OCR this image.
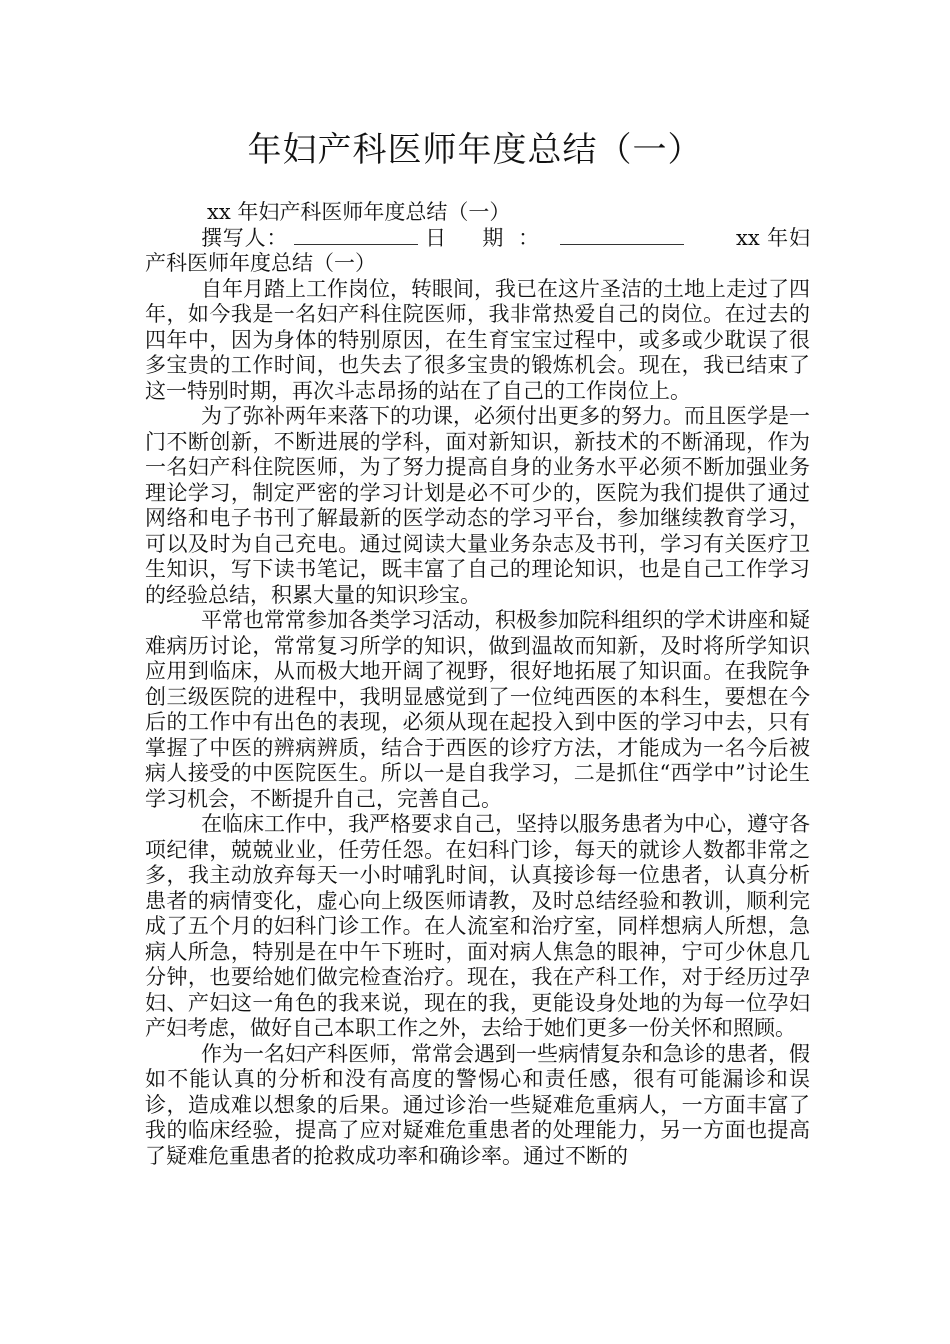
年妇产科医师年度总结（一）
xx 年妇产科医师年度总结（一）
撰写人：	日 期：	xx 年妇产科医师年度总结（一）

自年月踏上工作岗位，转眼间，我已在这片圣洁的土地上走过了四年，如今我是一名妇产科住院医师，我非常热爱自己的岗位。在过去的四年中，因为身体的特别原因，在生育宝宝过程中，或多或少耽误了很多宝贵的工作时间，也失去了很多宝贵的锻炼机会。现在，我已结束了这一特别时期，再次斗志昂扬的站在了自己的工作岗位上。

为了弥补两年来落下的功课，必须付出更多的努力。而且医学是一门不断创新，不断进展的学科，面对新知识，新技术的不断涌现，作为一名妇产科住院医师，为了努力提高自身的业务水平必须不断加强业务理论学习，制定严密的学习计划是必不可少的，医院为我们提供了通过网络和电子书刊了解最新的医学动态的学习平台，参加继续教育学习，可以及时为自己充电。通过阅读大量业务杂志及书刊，学习有关医疗卫生知识，写下读书笔记，既丰富了自己的理论知识，也是自己工作学习的经验总结，积累大量的知识珍宝。

平常也常常参加各类学习活动，积极参加院科组织的学术讲座和疑难病历讨论，常常复习所学的知识，做到温故而知新，及时将所学知识应用到临床，从而极大地开阔了视野，很好地拓展了知识面。在我院争创三级医院的进程中，我明显感觉到了一位纯西医的本科生，要想在今后的工作中有出色的表现，必须从现在起投入到中医的学习中去，只有掌握了中医的辨病辨质，结合于西医的诊疗方法，才能成为一名今后被病人接受的中医院医生。所以一是自我学习，二是抓住“西学中”讨论生学习机会，不断提升自己，完善自己。

在临床工作中，我严格要求自己，坚持以服务患者为中心，遵守各项纪律，兢兢业业，任劳任怨。在妇科门诊，每天的就诊人数都非常之多，我主动放弃每天一小时哺乳时间，认真接诊每一位患者，认真分析患者的病情变化，虚心向上级医师请教，及时总结经验和教训，顺利完成了五个月的妇科门诊工作。在人流室和治疗室，同样想病人所想，急病人所急，特别是在中午下班时，面对病人焦急的眼神，宁可少休息几分钟，也要给她们做完检查治疗。现在，我在产科工作，对于经历过孕妇、产妇这一角色的我来说，现在的我，更能设身处地的为每一位孕妇产妇考虑，做好自己本职工作之外，去给于她们更多一份关怀和照顾。

作为一名妇产科医师，常常会遇到一些病情复杂和急诊的患者，假如不能认真的分析和没有高度的警惕心和责任感，很有可能漏诊和误诊，造成难以想象的后果。通过诊治一些疑难危重病人，一方面丰富了我的临床经验，提高了应对疑难危重患者的处理能力，另一方面也提高了疑难危重患者的抢救成功率和确诊率。通过不断的
